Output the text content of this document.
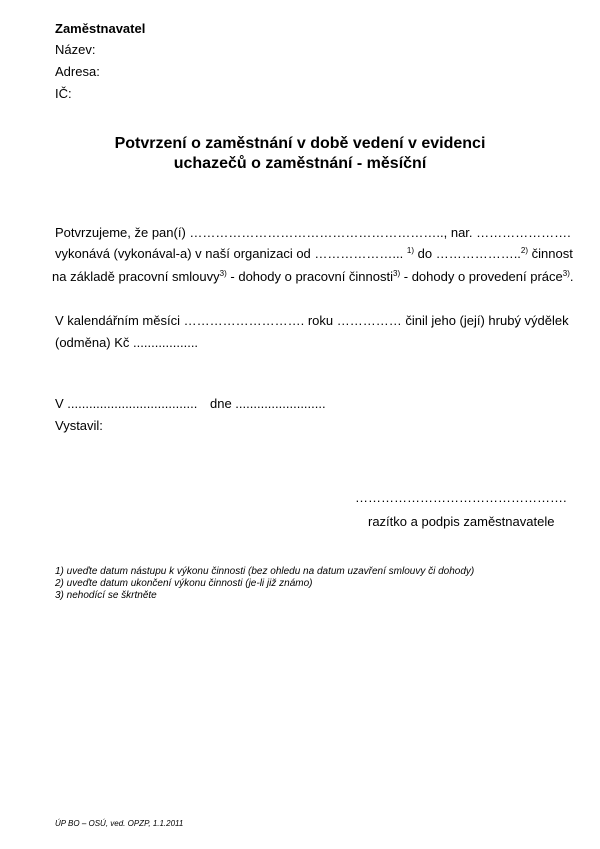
Zaměstnavatel
Název:
Adresa:
IČ:
Potvrzení o zaměstnání v době vedení v evidenci
uchazečů o zaměstnání - měsíční
Potvrzujeme, že pan(í) ………………………………………………….., nar. ………………….
vykonává (vykonával-a) v naší organizaci od ………………... $^{1)}$ do ………………..$^{2)}$ činnost
na základě pracovní smlouvy$^{3)}$ - dohody o pracovní činnosti$^{3)}$ - dohody o provedení práce$^{3)}$.
V kalendářním měsíci ………………………. roku …………… činil jeho (její) hrubý výdělek
(odměna) Kč ..................
V .................................... dne .........................
Vystavil:
………………………………………….
razítko a podpis zaměstnavatele
1) uveďte datum nástupu k výkonu činnosti (bez ohledu na datum uzavření smlouvy či dohody)
2) uveďte datum ukončení výkonu činnosti (je-li již známo)
3) nehodící se škrtněte
ÚP BO – OSÚ, ved. OPZP, 1.1.2011
